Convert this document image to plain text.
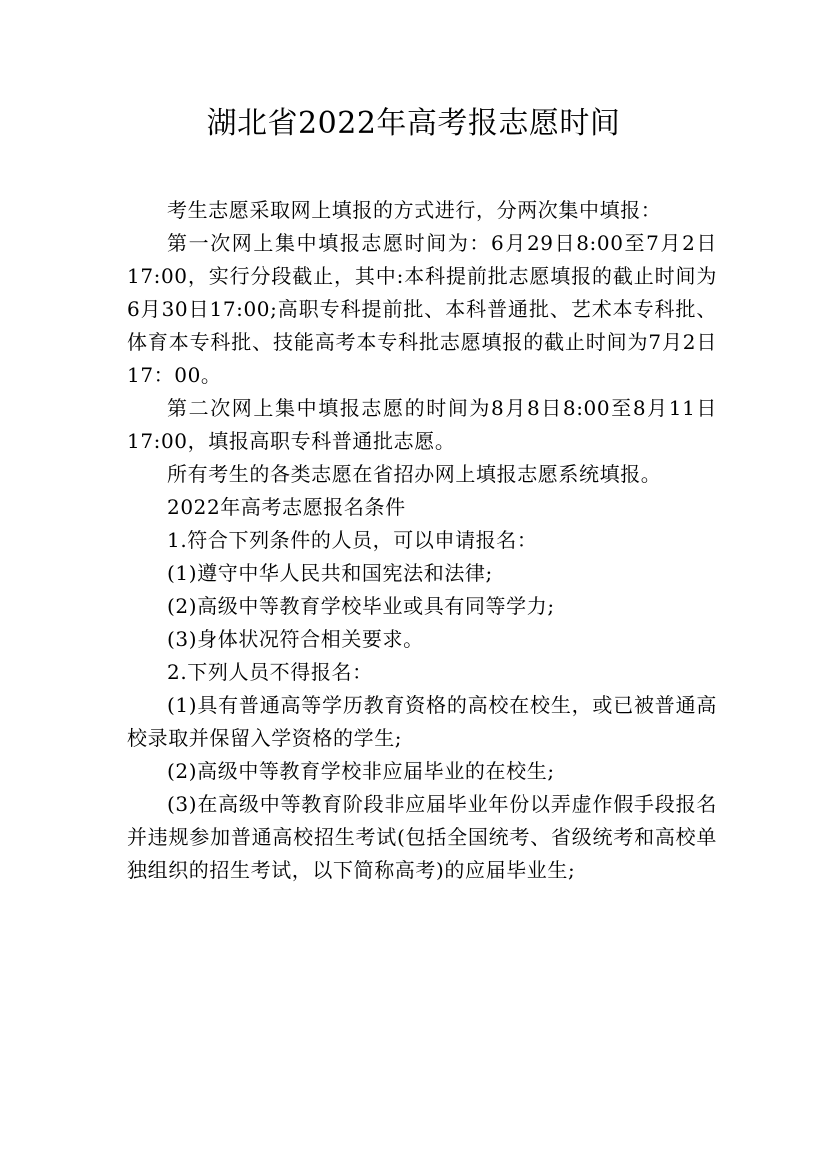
湖北省2022年高考报志愿时间

考生志愿采取网上填报的方式进行，分两次集中填报：

第一次网上集中填报志愿时间为：6月29日8:00至7月2日17:00，实行分段截止，其中:本科提前批志愿填报的截止时间为6月30日17:00;高职专科提前批、本科普通批、艺术本专科批、体育本专科批、技能高考本专科批志愿填报的截止时间为7月2日17：00。

第二次网上集中填报志愿的时间为8月8日8:00至8月11日17:00，填报高职专科普通批志愿。

所有考生的各类志愿在省招办网上填报志愿系统填报。

2022年高考志愿报名条件

1.符合下列条件的人员，可以申请报名：

(1)遵守中华人民共和国宪法和法律;

(2)高级中等教育学校毕业或具有同等学力;

(3)身体状况符合相关要求。

2.下列人员不得报名：

(1)具有普通高等学历教育资格的高校在校生，或已被普通高校录取并保留入学资格的学生;

(2)高级中等教育学校非应届毕业的在校生;

(3)在高级中等教育阶段非应届毕业年份以弄虚作假手段报名并违规参加普通高校招生考试(包括全国统考、省级统考和高校单独组织的招生考试，以下简称高考)的应届毕业生;
